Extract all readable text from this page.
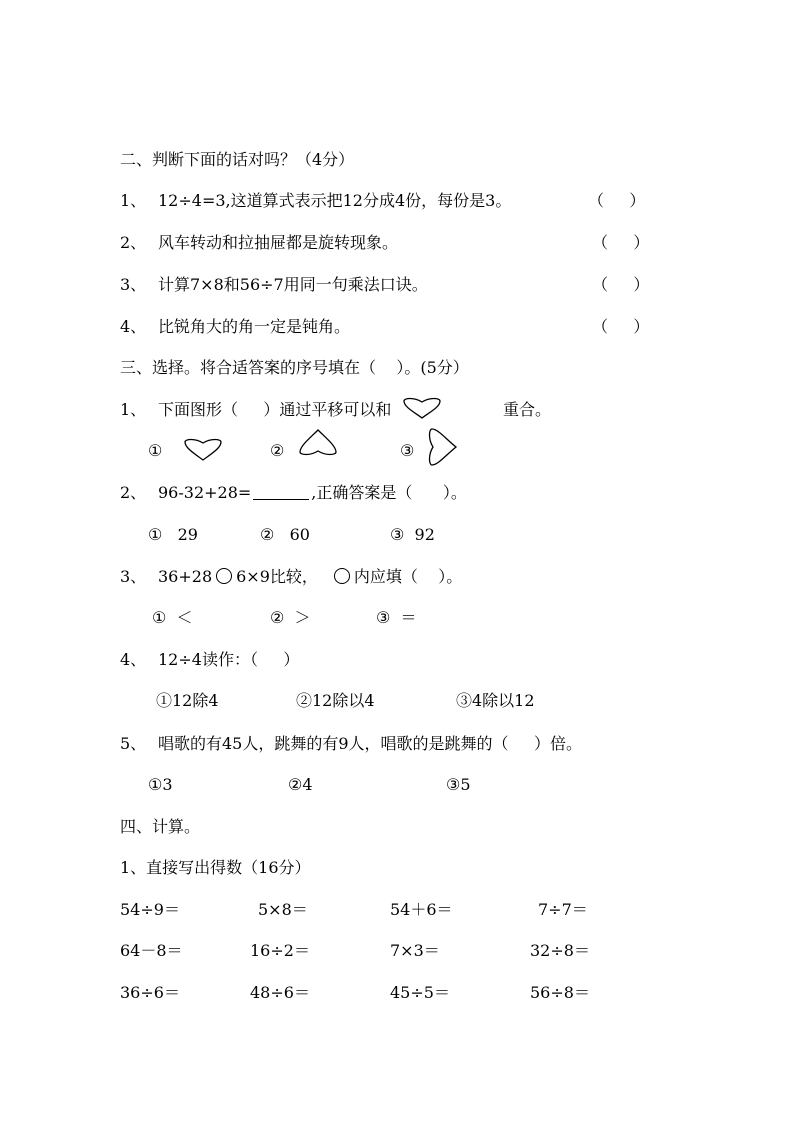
二、判断下面的话对吗？（4分）
1、 12÷4=3,这道算式表示把12分成4份，每份是3。	（     ）
2、 风车转动和拉抽屉都是旋转现象。	（     ）
3、 计算7×8和56÷7用同一句乘法口诀。	（     ）
4、 比锐角大的角一定是钝角。	（     ）
三、选择。将合适答案的序号填在（    ）。(5分）
1、 下面图形（     ）通过平移可以和	重合。
①	②	③
2、 96-32+28=	,正确答案是（      ）。
①   29	②   60	③  92
3、 36+28 6×9比较， 内应填（    ）。
①  ＜	②  ＞	③  ＝
4、 12÷4读作：（     ）
①12除4	②12除以4	③4除以12
5、 唱歌的有45人，跳舞的有9人，唱歌的是跳舞的（     ）倍。
①3	②4	③5
四、计算。
1、直接写出得数（16分）
54÷9＝	5×8＝	54＋6＝	7÷7＝
64－8＝	16÷2＝	7×3＝	32÷8＝
36÷6＝	48÷6＝	45÷5＝	56÷8＝
